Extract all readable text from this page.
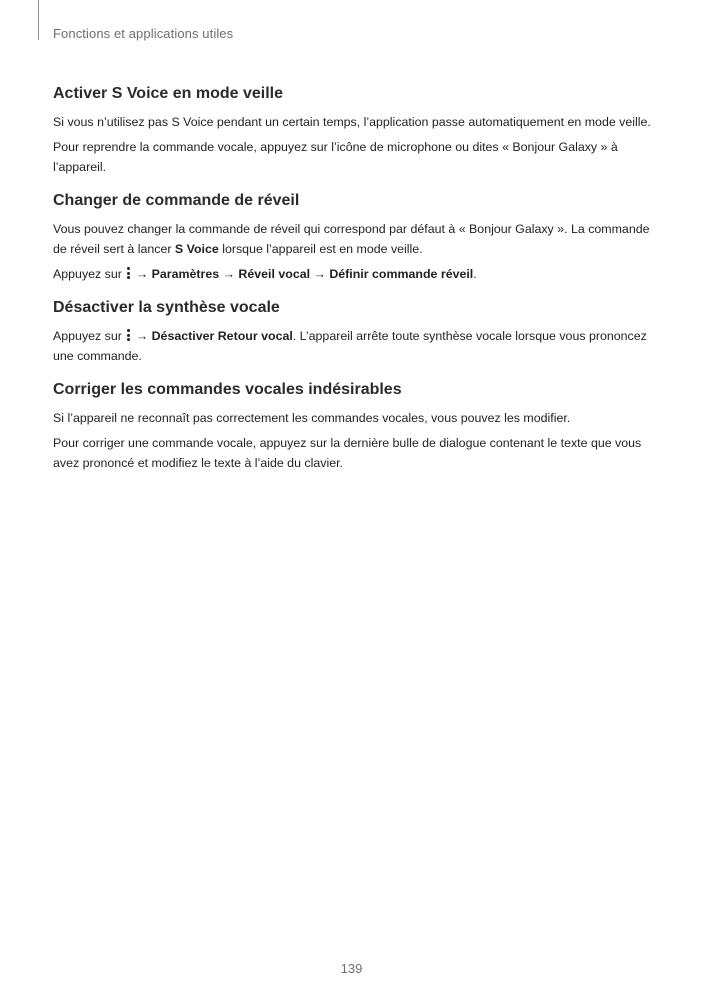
Fonctions et applications utiles
Activer S Voice en mode veille

Si vous n’utilisez pas S Voice pendant un certain temps, l’application passe automatiquement en mode veille.

Pour reprendre la commande vocale, appuyez sur l’icône de microphone ou dites « Bonjour Galaxy » à l’appareil.

Changer de commande de réveil

Vous pouvez changer la commande de réveil qui correspond par défaut à « Bonjour Galaxy ». La commande de réveil sert à lancer S Voice lorsque l’appareil est en mode veille.

Appuyez sur
→ Paramètres → Réveil vocal → Définir commande réveil.

Désactiver la synthèse vocale

Appuyez sur
→ Désactiver Retour vocal. L’appareil arrête toute synthèse vocale lorsque vous prononcez une commande.

Corriger les commandes vocales indésirables

Si l’appareil ne reconnaît pas correctement les commandes vocales, vous pouvez les modifier.

Pour corriger une commande vocale, appuyez sur la dernière bulle de dialogue contenant le texte que vous avez prononcé et modifiez le texte à l’aide du clavier.

139
